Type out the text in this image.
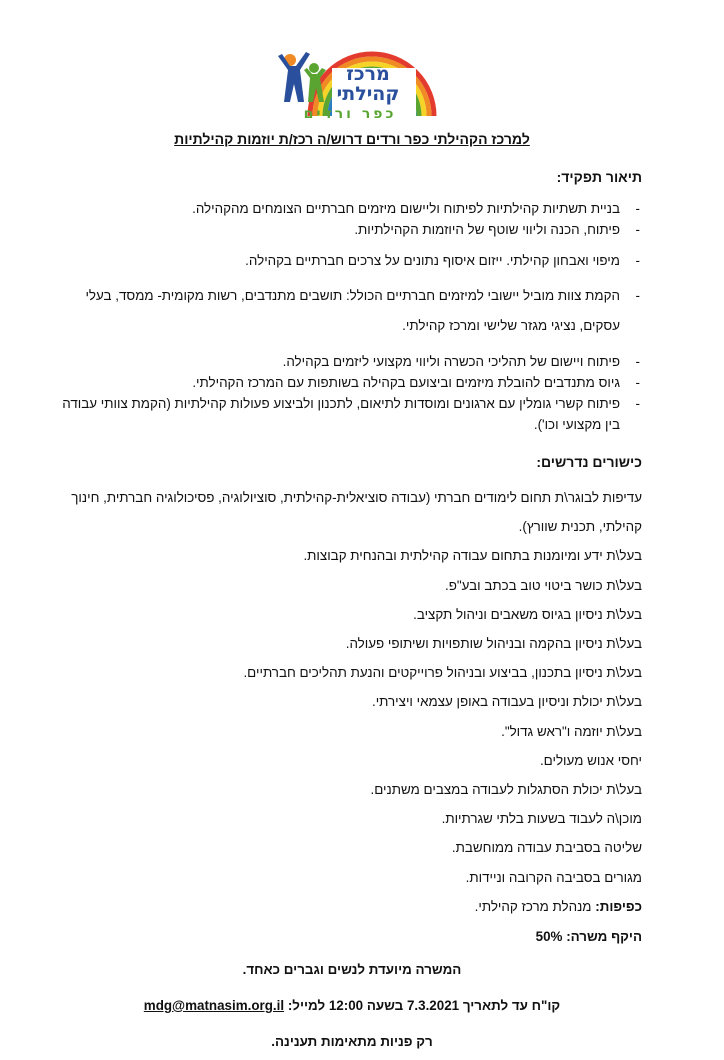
מרכז
קהילתי
כפר ורדים

למרכז הקהילתי כפר ורדים דרוש/ה רכז/ת יוזמות קהילתיות

תיאור תפקיד:

- בניית תשתיות קהילתיות לפיתוח וליישום מיזמים חברתיים הצומחים מהקהילה.
- פיתוח, הכנה וליווי שוטף של היוזמות הקהילתיות.
- מיפוי ואבחון קהילתי. ייזום איסוף נתונים על צרכים חברתיים בקהילה.
- הקמת צוות מוביל יישובי למיזמים חברתיים הכולל: תושבים מתנדבים, רשות מקומית- ממסד, בעלי עסקים, נציגי מגזר שלישי ומרכז קהילתי.
- פיתוח ויישום של תהליכי הכשרה וליווי מקצועי ליזמים בקהילה.
- גיוס מתנדבים להובלת מיזמים וביצועם בקהילה בשותפות עם המרכז הקהילתי.
- פיתוח קשרי גומלין עם ארגונים ומוסדות לתיאום, לתכנון ולביצוע פעולות קהילתיות (הקמת צוותי עבודה בין מקצועי וכו').

כישורים נדרשים:

עדיפות לבוגר\ת תחום לימודים חברתי (עבודה סוציאלית-קהילתית, סוציולוגיה, פסיכולוגיה חברתית, חינוך קהילתי, תכנית שוורץ).

בעל\ת ידע ומיומנות בתחום עבודה קהילתית ובהנחית קבוצות.

בעל\ת כושר ביטוי טוב בכתב ובע"פ.

בעל\ת ניסיון בגיוס משאבים וניהול תקציב.

בעל\ת ניסיון בהקמה ובניהול שותפויות ושיתופי פעולה.

בעל\ת ניסיון בתכנון, בביצוע ובניהול פרוייקטים והנעת תהליכים חברתיים.

בעל\ת יכולת וניסיון בעבודה באופן עצמאי ויצירתי.

בעל\ת יוזמה ו"ראש גדול".

יחסי אנוש מעולים.

בעל\ת יכולת הסתגלות לעבודה במצבים משתנים.

מוכן\ה לעבוד בשעות בלתי שגרתיות.

שליטה בסביבת עבודה ממוחשבת.

מגורים בסביבה הקרובה וניידות.

כפיפות: מנהלת מרכז קהילתי.

היקף משרה: 50%

המשרה מיועדת לנשים וגברים כאחד.

קו"ח עד לתאריך 7.3.2021 בשעה 12:00 למייל: mdg@matnasim.org.il

רק פניות מתאימות תענינה.
